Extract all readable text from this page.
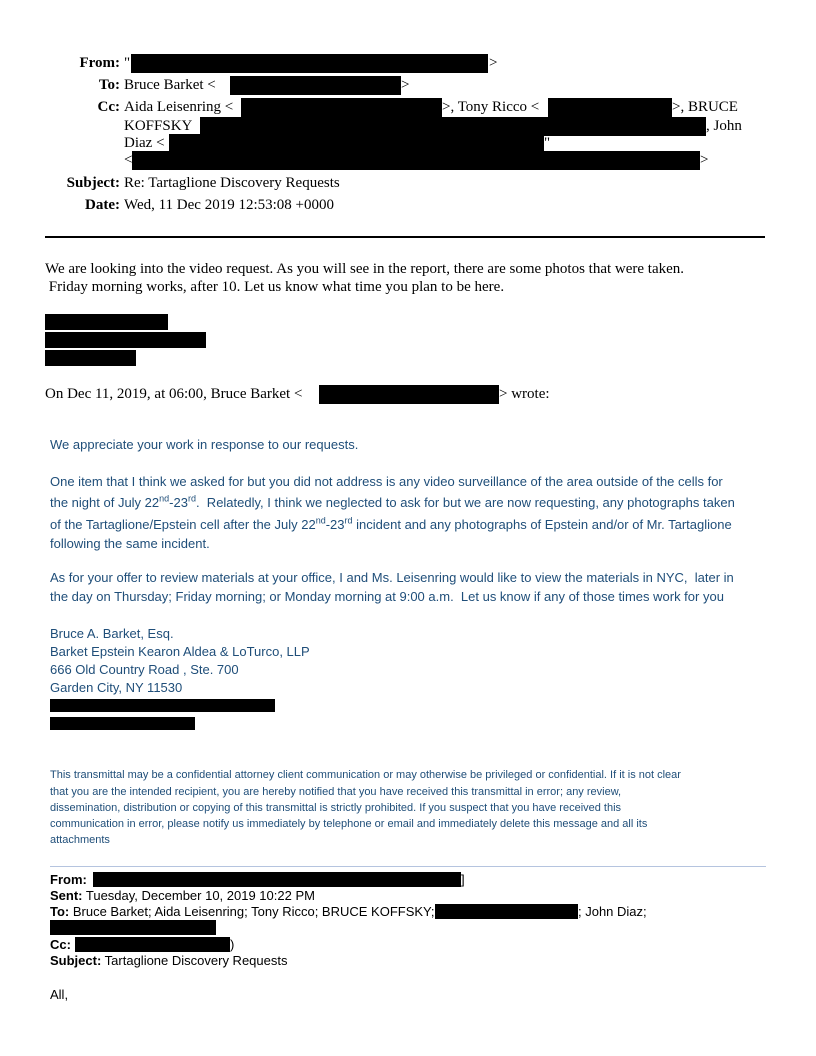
From: "	>
To: Bruce Barket <	>
Cc: Aida Leisenring <	>, Tony Ricco <	>, BRUCE
KOFFSKY	, John
Diaz <	"
<	>
Subject: Re: Tartaglione Discovery Requests
Date: Wed, 11 Dec 2019 12:53:08 +0000
We are looking into the video request. As you will see in the report, there are some photos that were taken.
Friday morning works, after 10. Let us know what time you plan to be here.
On Dec 11, 2019, at 06:00, Bruce Barket <	> wrote:
We appreciate your work in response to our requests.
One item that I think we asked for but you did not address is any video surveillance of the area outside of the cells for
the night of July 22nd-23rd.  Relatedly, I think we neglected to ask for but we are now requesting, any photographs taken
of the Tartaglione/Epstein cell after the July 22nd-23rd incident and any photographs of Epstein and/or of Mr. Tartaglione
following the same incident.
As for your offer to review materials at your office, I and Ms. Leisenring would like to view the materials in NYC,  later in
the day on Thursday; Friday morning; or Monday morning at 9:00 a.m.  Let us know if any of those times work for you
Bruce A. Barket, Esq.
Barket Epstein Kearon Aldea & LoTurco, LLP
666 Old Country Road , Ste. 700
Garden City, NY 11530
This transmittal may be a confidential attorney client communication or may otherwise be privileged or confidential. If it is not clear
that you are the intended recipient, you are hereby notified that you have received this transmittal in error; any review,
dissemination, distribution or copying of this transmittal is strictly prohibited. If you suspect that you have received this
communication in error, please notify us immediately by telephone or email and immediately delete this message and all its
attachments
From:	]
Sent: Tuesday, December 10, 2019 10:22 PM
To: Bruce Barket; Aida Leisenring; Tony Ricco; BRUCE KOFFSKY;	; John Diaz;
Cc:	)
Subject: Tartaglione Discovery Requests
All,
